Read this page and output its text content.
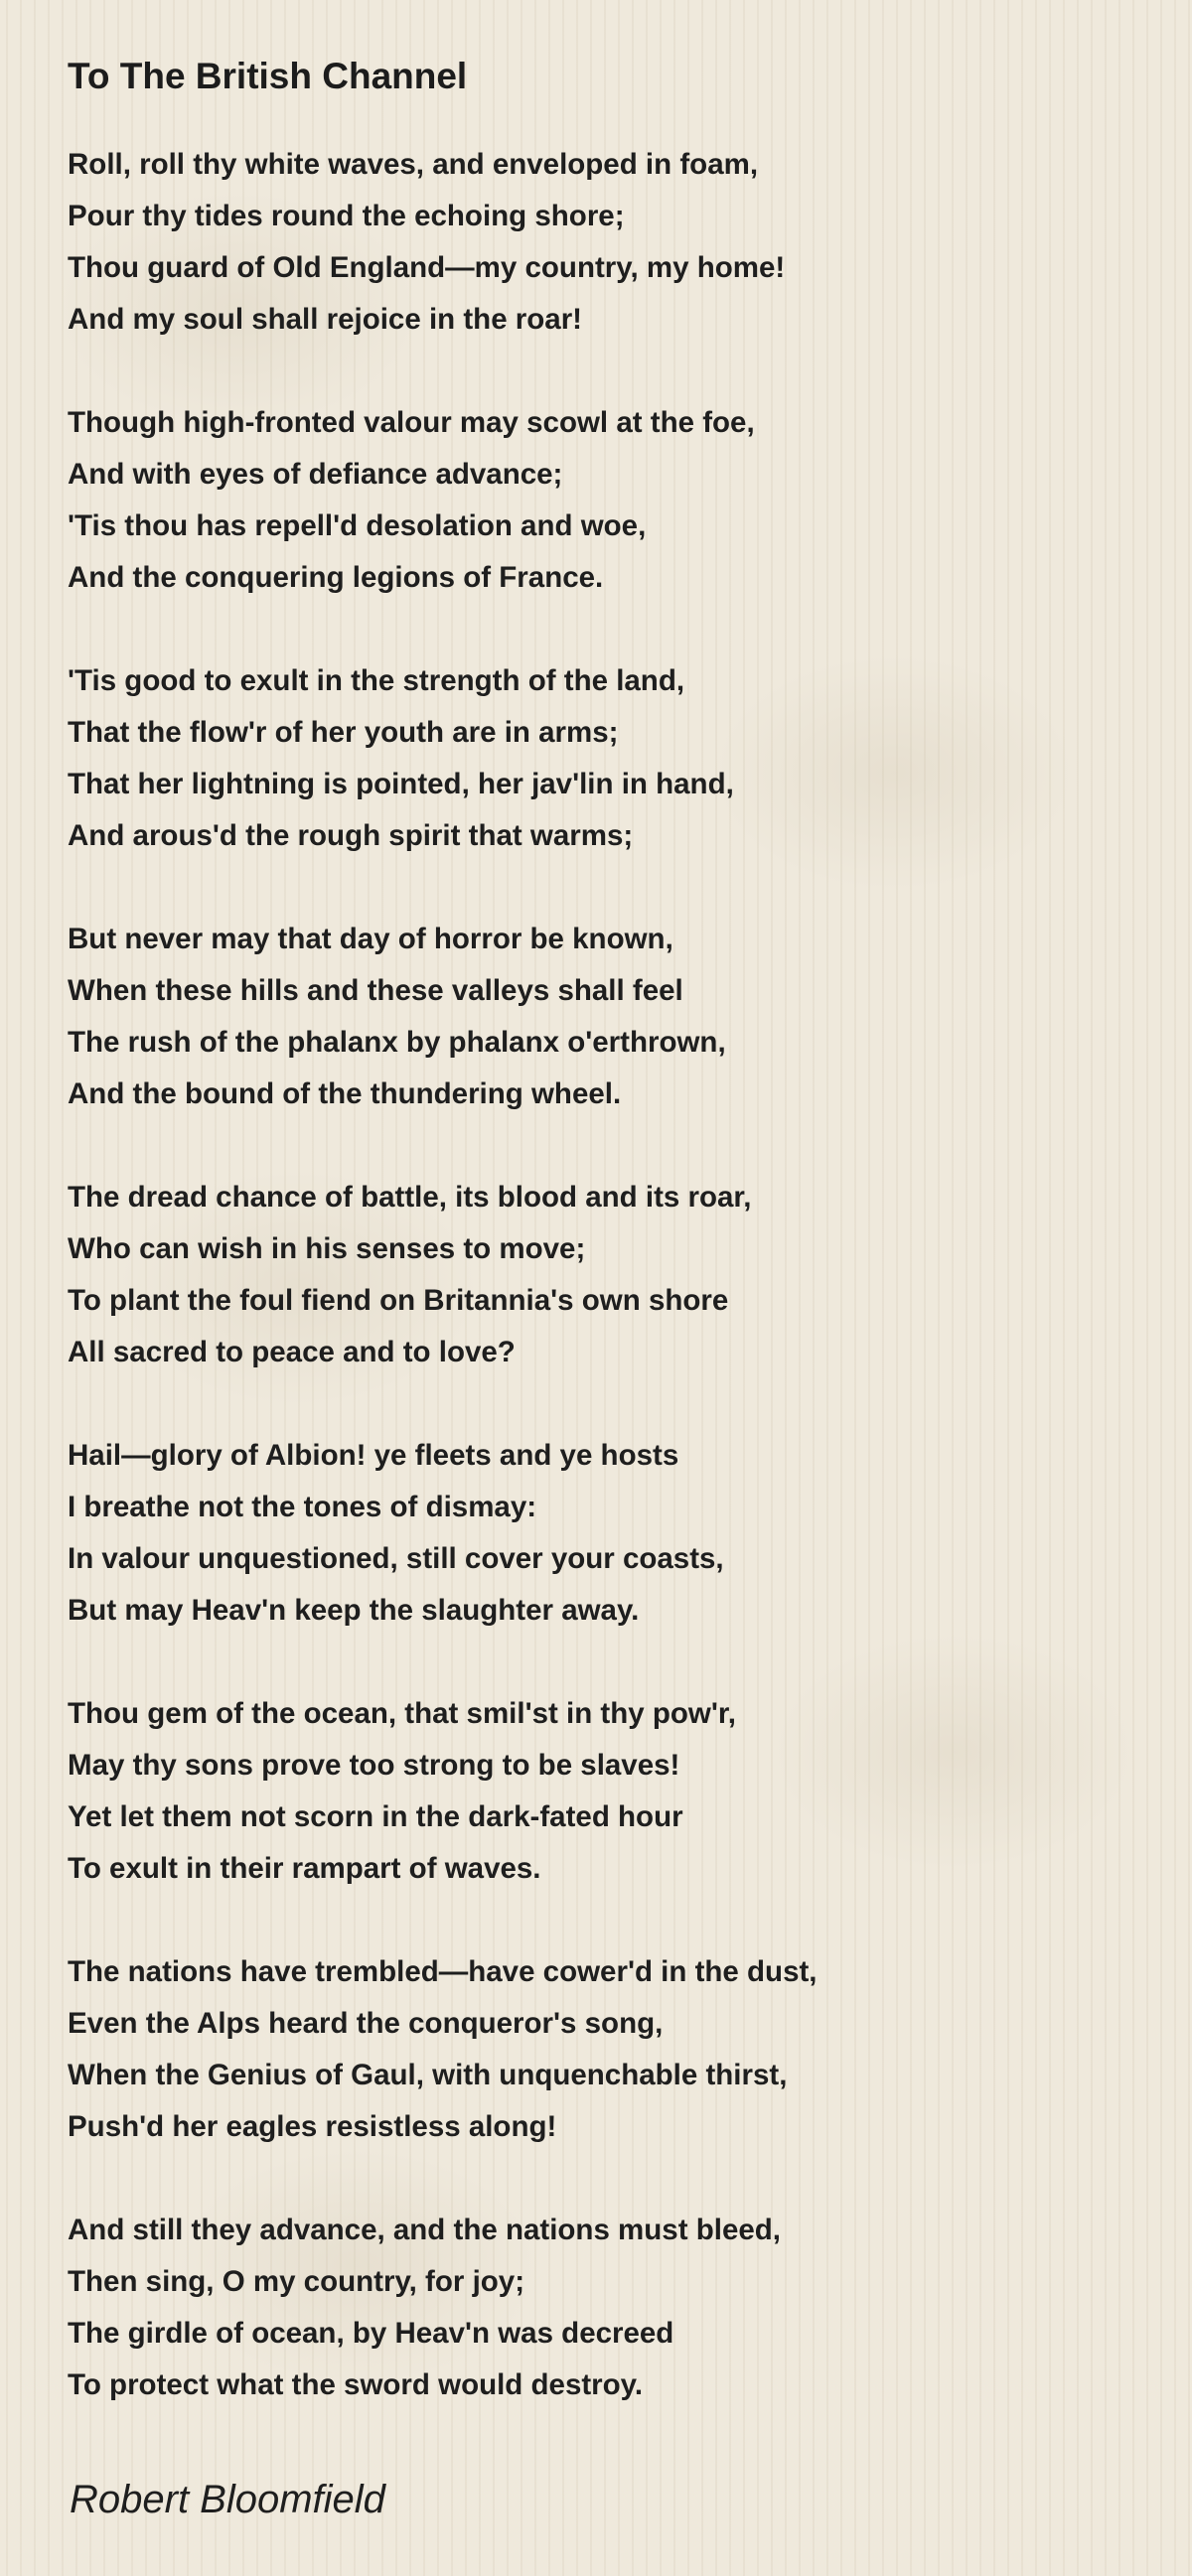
To The British Channel
Roll, roll thy white waves, and enveloped in foam,
Pour thy tides round the echoing shore;
Thou guard of Old England—my country, my home!
And my soul shall rejoice in the roar!
Though high-fronted valour may scowl at the foe,
And with eyes of defiance advance;
'Tis thou has repell'd desolation and woe,
And the conquering legions of France.
'Tis good to exult in the strength of the land,
That the flow'r of her youth are in arms;
That her lightning is pointed, her jav'lin in hand,
And arous'd the rough spirit that warms;
But never may that day of horror be known,
When these hills and these valleys shall feel
The rush of the phalanx by phalanx o'erthrown,
And the bound of the thundering wheel.
The dread chance of battle, its blood and its roar,
Who can wish in his senses to move;
To plant the foul fiend on Britannia's own shore
All sacred to peace and to love?
Hail—glory of Albion! ye fleets and ye hosts
I breathe not the tones of dismay:
In valour unquestioned, still cover your coasts,
But may Heav'n keep the slaughter away.
Thou gem of the ocean, that smil'st in thy pow'r,
May thy sons prove too strong to be slaves!
Yet let them not scorn in the dark-fated hour
To exult in their rampart of waves.
The nations have trembled—have cower'd in the dust,
Even the Alps heard the conqueror's song,
When the Genius of Gaul, with unquenchable thirst,
Push'd her eagles resistless along!
And still they advance, and the nations must bleed,
Then sing, O my country, for joy;
The girdle of ocean, by Heav'n was decreed
To protect what the sword would destroy.

Robert Bloomfield
